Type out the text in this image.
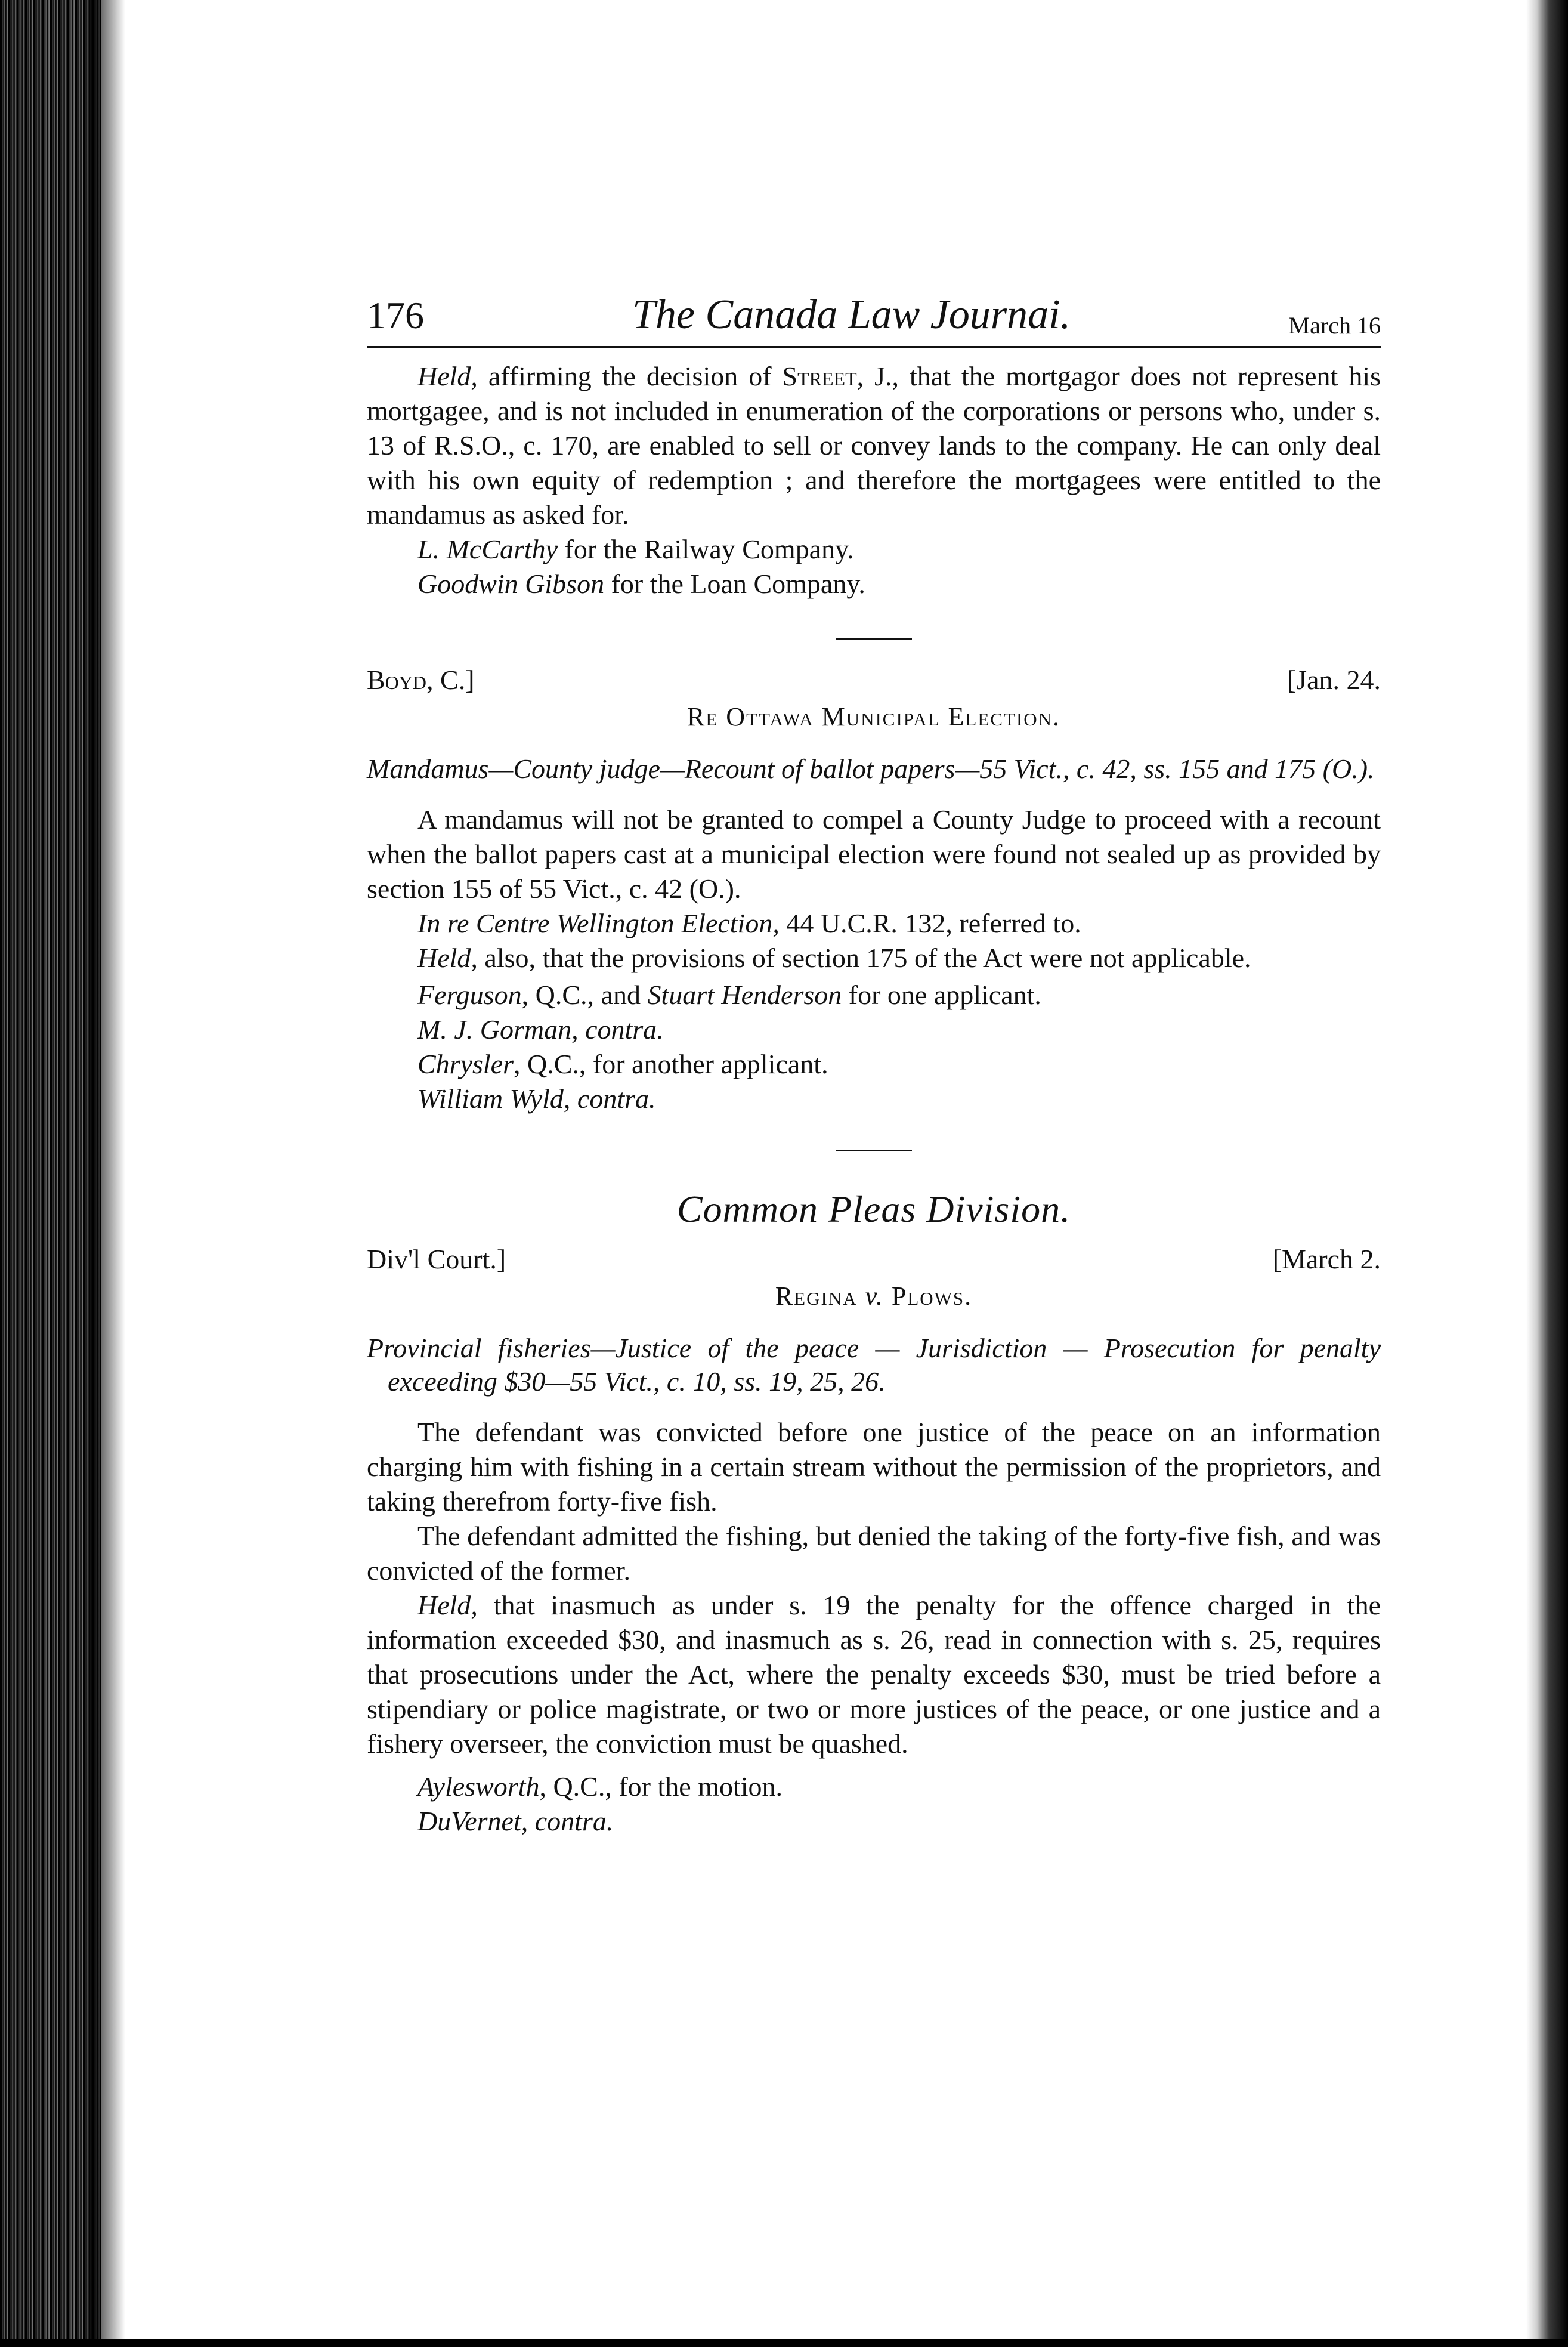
176	The Canada Law Journai.	March 16

Held, affirming the decision of Street, J., that the mortgagor does not represent his mortgagee, and is not included in enumeration of the corporations or persons who, under s. 13 of R.S.O., c. 170, are enabled to sell or convey lands to the company. He can only deal with his own equity of redemption ; and therefore the mortgagees were entitled to the mandamus as asked for.

L. McCarthy for the Railway Company.
Goodwin Gibson for the Loan Company.
Boyd, C.]	[Jan. 24.
Re Ottawa Municipal Election.
Mandamus—County judge—Recount of ballot papers—55 Vict., c. 42, ss. 155 and 175 (O.).

A mandamus will not be granted to compel a County Judge to proceed with a recount when the ballot papers cast at a municipal election were found not sealed up as provided by section 155 of 55 Vict., c. 42 (O.).

In re Centre Wellington Election, 44 U.C.R. 132, referred to.

Held, also, that the provisions of section 175 of the Act were not applicable.

Ferguson, Q.C., and Stuart Henderson for one applicant.
M. J. Gorman, contra.
Chrysler, Q.C., for another applicant.
William Wyld, contra.
Common Pleas Division.
Div'l Court.]	[March 2.
Regina v. Plows.
Provincial fisheries—Justice of the peace — Jurisdiction — Prosecution for penalty exceeding $30—55 Vict., c. 10, ss. 19, 25, 26.

The defendant was convicted before one justice of the peace on an information charging him with fishing in a certain stream without the permission of the proprietors, and taking therefrom forty-five fish.

The defendant admitted the fishing, but denied the taking of the forty-five fish, and was convicted of the former.

Held, that inasmuch as under s. 19 the penalty for the offence charged in the information exceeded $30, and inasmuch as s. 26, read in connection with s. 25, requires that prosecutions under the Act, where the penalty exceeds $30, must be tried before a stipendiary or police magistrate, or two or more justices of the peace, or one justice and a fishery overseer, the conviction must be quashed.

Aylesworth, Q.C., for the motion.
DuVernet, contra.
